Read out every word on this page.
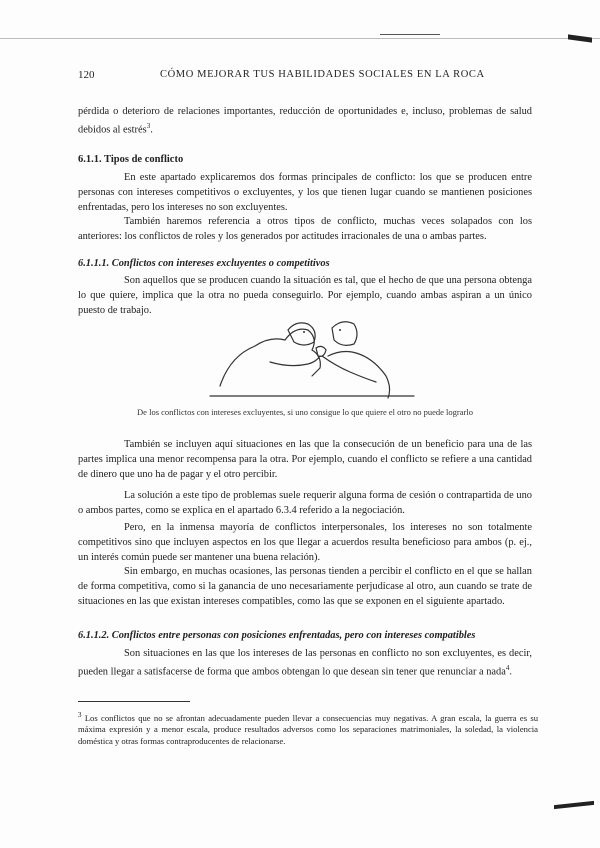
120	CÓMO MEJORAR TUS HABILIDADES SOCIALES EN LA ROCA
pérdida o deterioro de relaciones importantes, reducción de oportunidades e, incluso, problemas de salud debidos al estrés$^3$.
6.1.1. Tipos de conflicto
En este apartado explicaremos dos formas principales de conflicto: los que se producen entre personas con intereses competitivos o excluyentes, y los que tienen lugar cuando se mantienen posiciones enfrentadas, pero los intereses no son excluyentes.
También haremos referencia a otros tipos de conflicto, muchas veces solapados con los anteriores: los conflictos de roles y los generados por actitudes irracionales de una o ambas partes.
6.1.1.1. Conflictos con intereses excluyentes o competitivos
Son aquellos que se producen cuando la situación es tal, que el hecho de que una persona obtenga lo que quiere, implica que la otra no pueda conseguirlo. Por ejemplo, cuando ambas aspiran a un único puesto de trabajo.
De los conflictos con intereses excluyentes, si uno consigue lo que quiere el otro no puede lograrlo
También se incluyen aquí situaciones en las que la consecución de un beneficio para una de las partes implica una menor recompensa para la otra. Por ejemplo, cuando el conflicto se refiere a una cantidad de dinero que uno ha de pagar y el otro percibir.
La solución a este tipo de problemas suele requerir alguna forma de cesión o contrapartida de uno o ambos partes, como se explica en el apartado 6.3.4 referido a la negociación.
Pero, en la inmensa mayoría de conflictos interpersonales, los intereses no son totalmente competitivos sino que incluyen aspectos en los que llegar a acuerdos resulta beneficioso para ambos (p. ej., un interés común puede ser mantener una buena relación).
Sin embargo, en muchas ocasiones, las personas tienden a percibir el conflicto en el que se hallan de forma competitiva, como si la ganancia de uno necesariamente perjudicase al otro, aun cuando se trate de situaciones en las que existan intereses compatibles, como las que se exponen en el siguiente apartado.
6.1.1.2. Conflictos entre personas con posiciones enfrentadas, pero con intereses compatibles
Son situaciones en las que los intereses de las personas en conflicto no son excluyentes, es decir, pueden llegar a satisfacerse de forma que ambos obtengan lo que desean sin tener que renunciar a nada$^4$.
$^3$ Los conflictos que no se afrontan adecuadamente pueden llevar a consecuencias muy negativas. A gran escala, la guerra es su máxima expresión y a menor escala, produce resultados adversos como los separaciones matrimoniales, la soledad, la violencia doméstica y otras formas contraproducentes de relacionarse.
